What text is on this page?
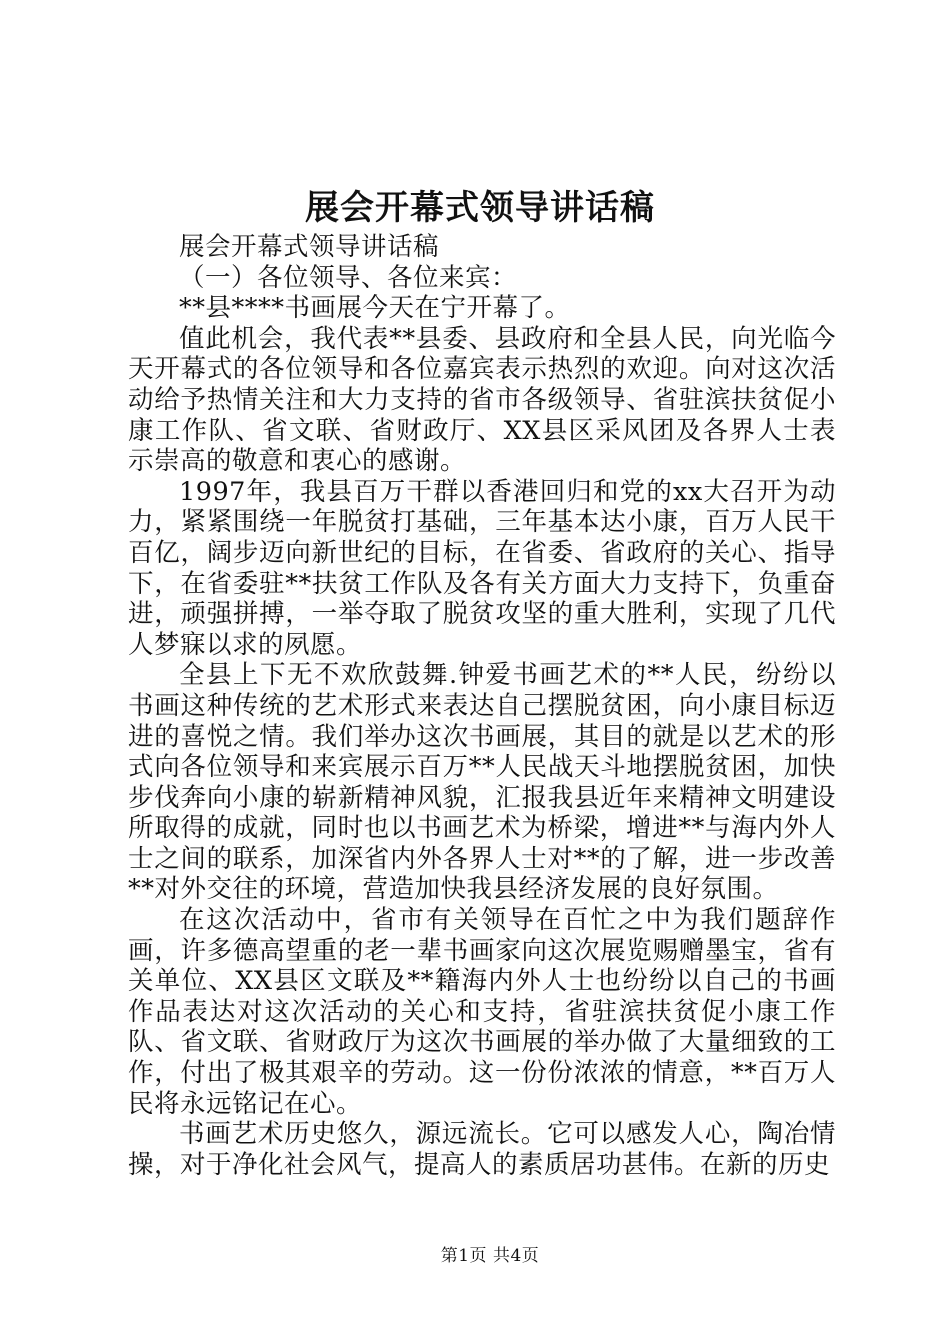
展会开幕式领导讲话稿

展会开幕式领导讲话稿

（一）各位领导、各位来宾：

**县****书画展今天在宁开幕了。

值此机会，我代表**县委、县政府和全县人民，向光临今天开幕式的各位领导和各位嘉宾表示热烈的欢迎。向对这次活动给予热情关注和大力支持的省市各级领导、省驻滨扶贫促小康工作队、省文联、省财政厅、XX县区采风团及各界人士表示崇高的敬意和衷心的感谢。

1997年，我县百万干群以香港回归和党的xx大召开为动力，紧紧围绕一年脱贫打基础，三年基本达小康，百万人民干百亿，阔步迈向新世纪的目标，在省委、省政府的关心、指导下，在省委驻**扶贫工作队及各有关方面大力支持下，负重奋进，顽强拼搏，一举夺取了脱贫攻坚的重大胜利，实现了几代人梦寐以求的夙愿。

全县上下无不欢欣鼓舞.钟爱书画艺术的**人民，纷纷以书画这种传统的艺术形式来表达自己摆脱贫困，向小康目标迈进的喜悦之情。我们举办这次书画展，其目的就是以艺术的形式向各位领导和来宾展示百万**人民战天斗地摆脱贫困，加快步伐奔向小康的崭新精神风貌，汇报我县近年来精神文明建设所取得的成就，同时也以书画艺术为桥梁，增进**与海内外人士之间的联系，加深省内外各界人士对**的了解，进一步改善**对外交往的环境，营造加快我县经济发展的良好氛围。

在这次活动中，省市有关领导在百忙之中为我们题辞作画，许多德高望重的老一辈书画家向这次展览赐赠墨宝，省有关单位、XX县区文联及**籍海内外人士也纷纷以自己的书画作品表达对这次活动的关心和支持，省驻滨扶贫促小康工作队、省文联、省财政厅为这次书画展的举办做了大量细致的工作，付出了极其艰辛的劳动。这一份份浓浓的情意，**百万人民将永远铭记在心。

书画艺术历史悠久，源远流长。它可以感发人心，陶冶情操，对于净化社会风气，提高人的素质居功甚伟。在新的历史

第1页 共4页
